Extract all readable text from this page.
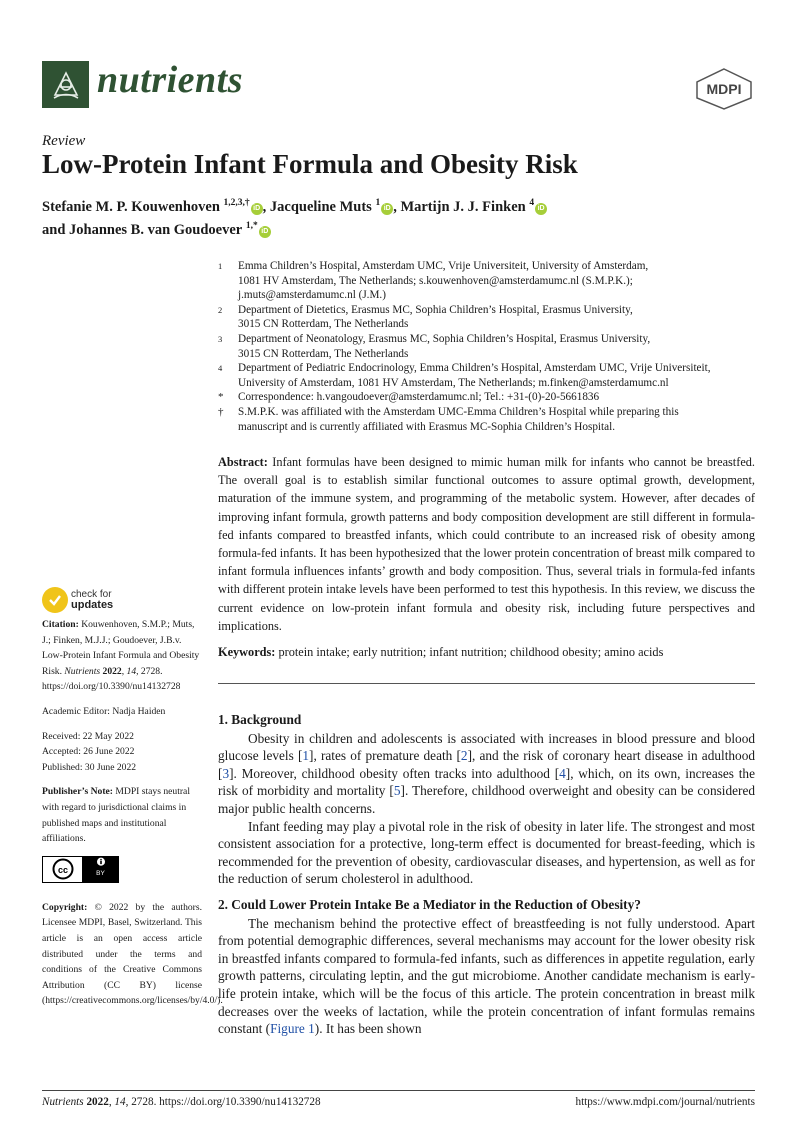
nutrients	MDPI
Review
Low-Protein Infant Formula and Obesity Risk
Stefanie M. P. Kouwenhoven $^{1,2,3,\dagger}$iD , Jacqueline Muts $^1$iD , Martijn J. J. Finken $^4$iD
and Johannes B. van Goudoever $^{1,*}$iD
1	Emma Children’s Hospital, Amsterdam UMC, Vrije Universiteit, University of Amsterdam,
1081 HV Amsterdam, The Netherlands; s.kouwenhoven@amsterdamumc.nl (S.M.P.K.);
j.muts@amsterdamumc.nl (J.M.)
2	Department of Dietetics, Erasmus MC, Sophia Children’s Hospital, Erasmus University,
3015 CN Rotterdam, The Netherlands
3	Department of Neonatology, Erasmus MC, Sophia Children’s Hospital, Erasmus University,
3015 CN Rotterdam, The Netherlands
4	Department of Pediatric Endocrinology, Emma Children’s Hospital, Amsterdam UMC, Vrije Universiteit,
University of Amsterdam, 1081 HV Amsterdam, The Netherlands; m.finken@amsterdamumc.nl
*	Correspondence: h.vangoudoever@amsterdamumc.nl; Tel.: +31-(0)-20-5661836
†	S.M.P.K. was affiliated with the Amsterdam UMC-Emma Children’s Hospital while preparing this
manuscript and is currently affiliated with Erasmus MC-Sophia Children’s Hospital.
Abstract: Infant formulas have been designed to mimic human milk for infants who cannot be breastfed. The overall goal is to establish similar functional outcomes to assure optimal growth, development, maturation of the immune system, and programming of the metabolic system. However, after decades of improving infant formula, growth patterns and body composition development are still different in formula-fed infants compared to breastfed infants, which could contribute to an increased risk of obesity among formula-fed infants. It has been hypothesized that the lower protein concentration of breast milk compared to infant formula influences infants’ growth and body composition. Thus, several trials in formula-fed infants with different protein intake levels have been performed to test this hypothesis. In this review, we discuss the current evidence on low-protein infant formula and obesity risk, including future perspectives and implications.
Keywords: protein intake; early nutrition; infant nutrition; childhood obesity; amino acids
1. Background

Obesity in children and adolescents is associated with increases in blood pressure and blood glucose levels [1], rates of premature death [2], and the risk of coronary heart disease in adulthood [3]. Moreover, childhood obesity often tracks into adulthood [4], which, on its own, increases the risk of morbidity and mortality [5]. Therefore, childhood overweight and obesity can be considered major public health concerns.

Infant feeding may play a pivotal role in the risk of obesity in later life. The strongest and most consistent association for a protective, long-term effect is documented for breast-feeding, which is recommended for the prevention of obesity, cardiovascular diseases, and hypertension, as well as for the reduction of serum cholesterol in adulthood.

2. Could Lower Protein Intake Be a Mediator in the Reduction of Obesity?

The mechanism behind the protective effect of breastfeeding is not fully understood. Apart from potential demographic differences, several mechanisms may account for the lower obesity risk in breastfed infants compared to formula-fed infants, such as differences in appetite regulation, early growth patterns, circulating leptin, and the gut microbiome. Another candidate mechanism is early-life protein intake, which will be the focus of this article. The protein concentration in breast milk decreases over the weeks of lactation, while the protein concentration of infant formulas remains constant (Figure 1). It has been shown

check for
updates
Citation: Kouwenhoven, S.M.P.; Muts, J.; Finken, M.J.J.; Goudoever, J.B.v. Low-Protein Infant Formula and Obesity Risk. Nutrients 2022, 14, 2728. https://doi.org/10.3390/nu14132728
Academic Editor: Nadja Haiden
Received: 22 May 2022
Accepted: 26 June 2022
Published: 30 June 2022
Publisher’s Note: MDPI stays neutral with regard to jurisdictional claims in published maps and institutional affiliations.
cc	BY
Copyright: © 2022 by the authors. Licensee MDPI, Basel, Switzerland. This article is an open access article distributed under the terms and conditions of the Creative Commons Attribution (CC BY) license (https://creativecommons.org/licenses/by/4.0/).
Nutrients 2022, 14, 2728. https://doi.org/10.3390/nu14132728	https://www.mdpi.com/journal/nutrients
